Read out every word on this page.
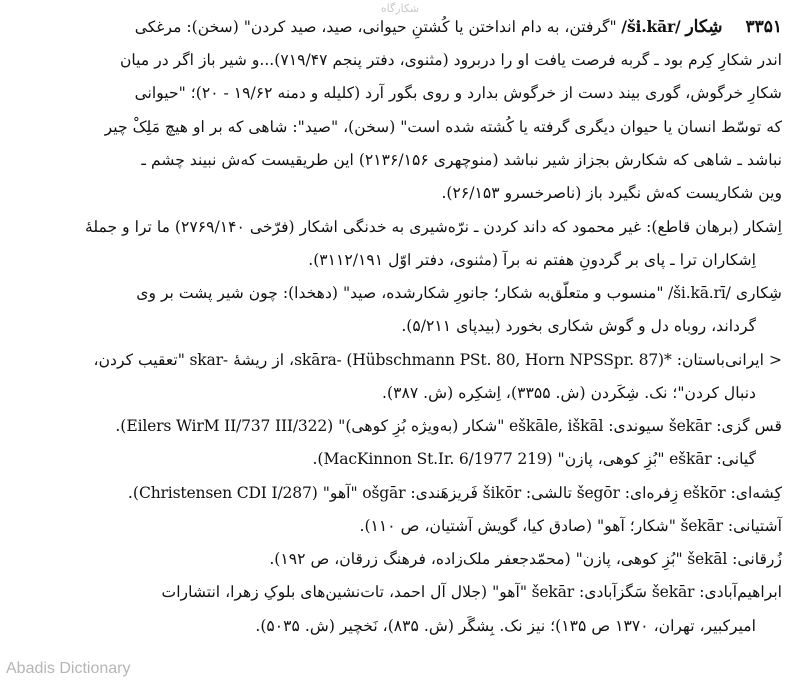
شکارگاه
۳۳۵۱ شِکار /ši.kār/ "گرفتن، به دام انداختن یا کُشتنِ حیوانی، صید، صید کردن" (سخن): مرغکی
اندر شکارِ کِرم بود ـ گربه فرصت یافت او را دربرود (مثنوی، دفتر پنجم ۷۱۹/۴۷)...و شیر باز اگر در میان
شکارِ خرگوش، گوری بیند دست از خرگوش بدارد و روی بگور آرد (کلیله و دمنه ۱۹/۶۲ - ۲۰)؛ "حیوانی
که توسّط انسان یا حیوان دیگری گرفته یا کُشته شده است" (سخن)، "صید": شاهی که بر او هیچ مَلِکْ چیر
نباشد ـ شاهی که شکارش بجزاز شیر نباشد (منوچهری ۲۱۳۶/۱۵۶) این طریقیست که‌ش نبیند چشم ـ
وین شکاریست که‌ش نگیرد باز (ناصرخسرو ۲۶/۱۵۳).
اِشکار (برهان قاطع): غیر محمود که داند کردن ـ نرّه‌شیری به خدنگی اشکار (فرّخی ۲۷۶۹/۱۴۰) ما ترا و جملهٔ
اِشکاران ترا ـ پای بر گردونِ هفتم نه برآ (مثنوی، دفتر اوّل ۳۱۱۲/۱۹۱).
شِکاری /ši.kā.rī/ "منسوب و متعلّق‌به شکار؛ جانورِ شکارشده، صید" (دهخدا): چون شیر پشت بر وی
گرداند، روباه دل و گوش شکاری بخورد (بیدپای ۵/۲۱۱).
< ایرانی‌باستان: *skāra- (Hübschmann PSt. 80, Horn NPSSpr. 87)، از ریشهٔ -skar "تعقیب کردن،
دنبال کردن"؛ نک. شِکَردن (ش. ۳۳۵۵)، اِشکِره (ش. ۳۸۷).
قس گزی: šekār سیوندی: eškāle, iškāl "شکار (به‌ویژه بُزِ کوهی)" (Eilers WirM II/737 III/322).
گیانی: eškār "بُزِ کوهی، پازن" (MacKinnon St.Ir. 6/1977 219).
کِشه‌ای: eškōr زِفره‌ای: šegōr تالشی: šikōr فَریزهَندی: ošgār "آهو" (Christensen CDI I/287).
آشتیانی: šekār "شکار؛ آهو" (صادق کیا، گویش آشتیان، ص ۱۱۰).
زُرقانی: šekāl "بُزِ کوهی، پازن" (محمّدجعفر ملک‌زاده، فرهنگ زرقان، ص ۱۹۲).
ابراهیم‌آبادی: šekār سَگزآبادی: šekār "آهو" (جلال آل احمد، تات‌نشین‌های بلوکِ زهرا، انتشارات
امیرکبیر، تهران، ۱۳۷۰ ص ۱۳۵)؛ نیز نک. بِشگَر (ش. ۸۳۵)، نَخچیر (ش. ۵۰۳۵).
Abadis Dictionary
